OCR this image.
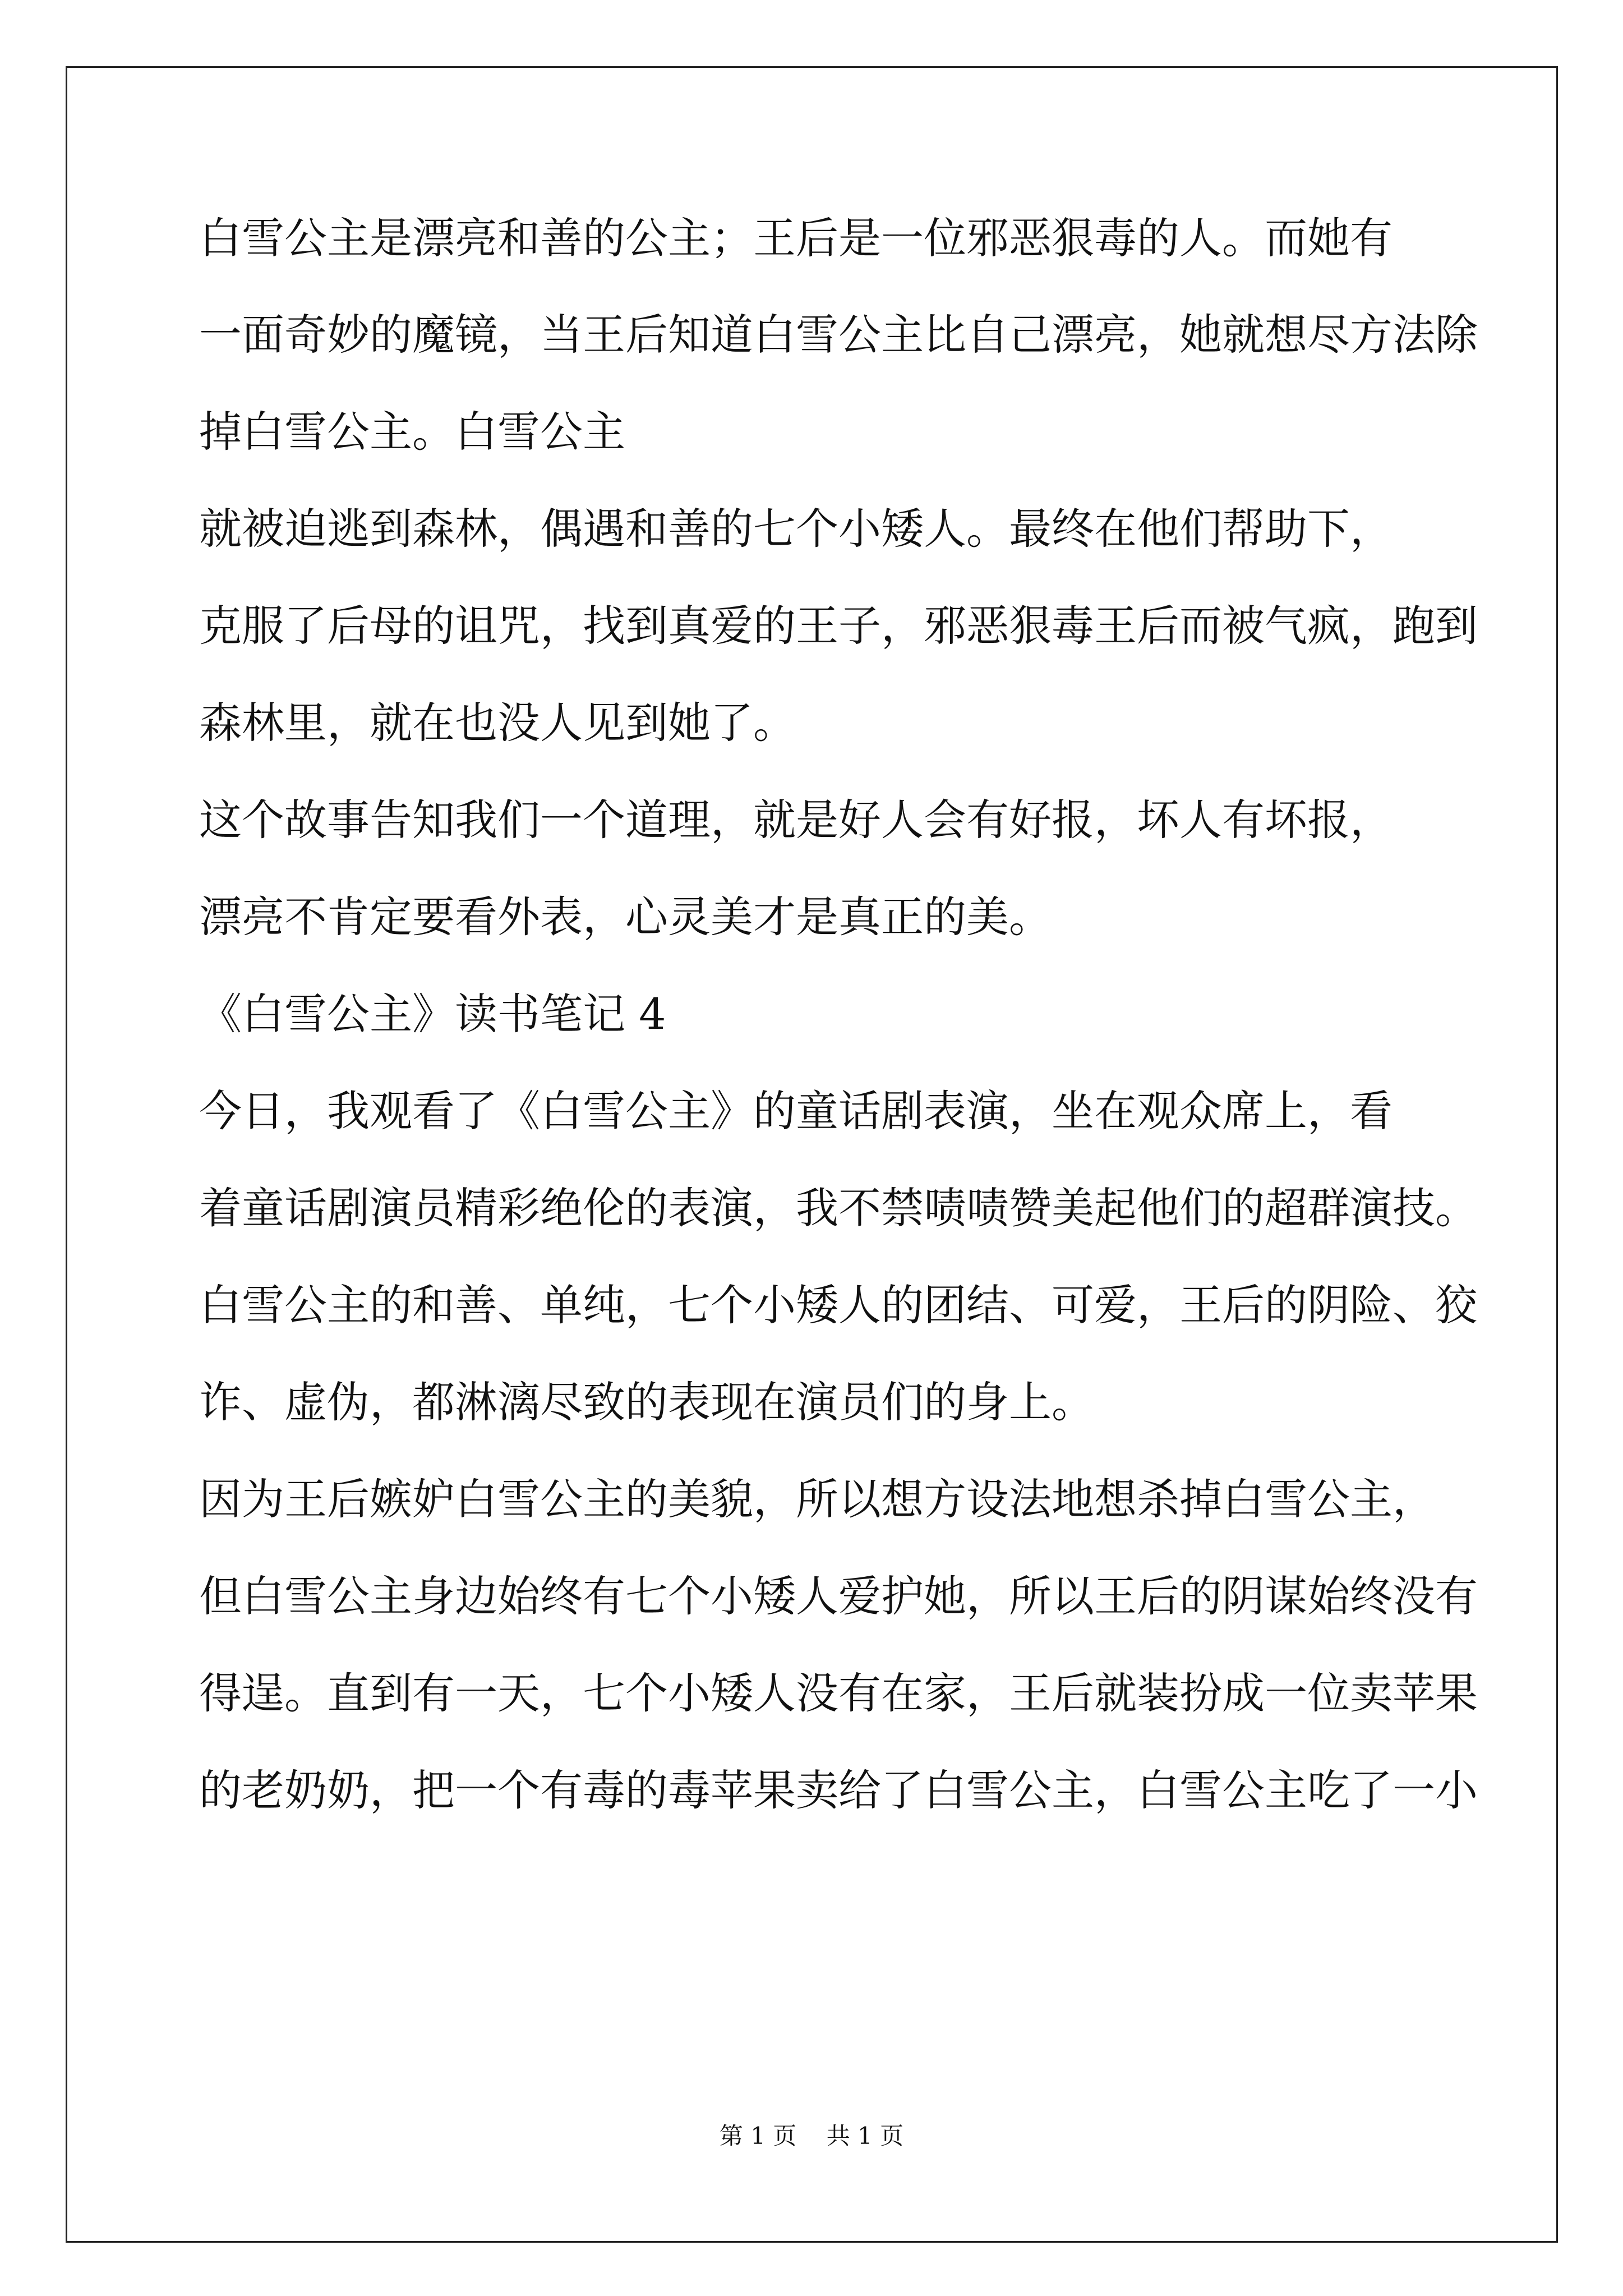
白雪公主是漂亮和善的公主；王后是一位邪恶狠毒的人。而她有
一面奇妙的魔镜，当王后知道白雪公主比自己漂亮，她就想尽方法除
掉白雪公主。白雪公主
就被迫逃到森林，偶遇和善的七个小矮人。最终在他们帮助下，
克服了后母的诅咒，找到真爱的王子，邪恶狠毒王后而被气疯，跑到
森林里，就在也没人见到她了。
这个故事告知我们一个道理，就是好人会有好报，坏人有坏报，
漂亮不肯定要看外表，心灵美才是真正的美。
《白雪公主》读书笔记 4
今日，我观看了《白雪公主》的童话剧表演，坐在观众席上，看
着童话剧演员精彩绝伦的表演，我不禁啧啧赞美起他们的超群演技。
白雪公主的和善、单纯，七个小矮人的团结、可爱，王后的阴险、狡
诈、虚伪，都淋漓尽致的表现在演员们的身上。
因为王后嫉妒白雪公主的美貌，所以想方设法地想杀掉白雪公主，
但白雪公主身边始终有七个小矮人爱护她，所以王后的阴谋始终没有
得逞。直到有一天，七个小矮人没有在家，王后就装扮成一位卖苹果
的老奶奶，把一个有毒的毒苹果卖给了白雪公主，白雪公主吃了一小
第 1 页    共 1 页
